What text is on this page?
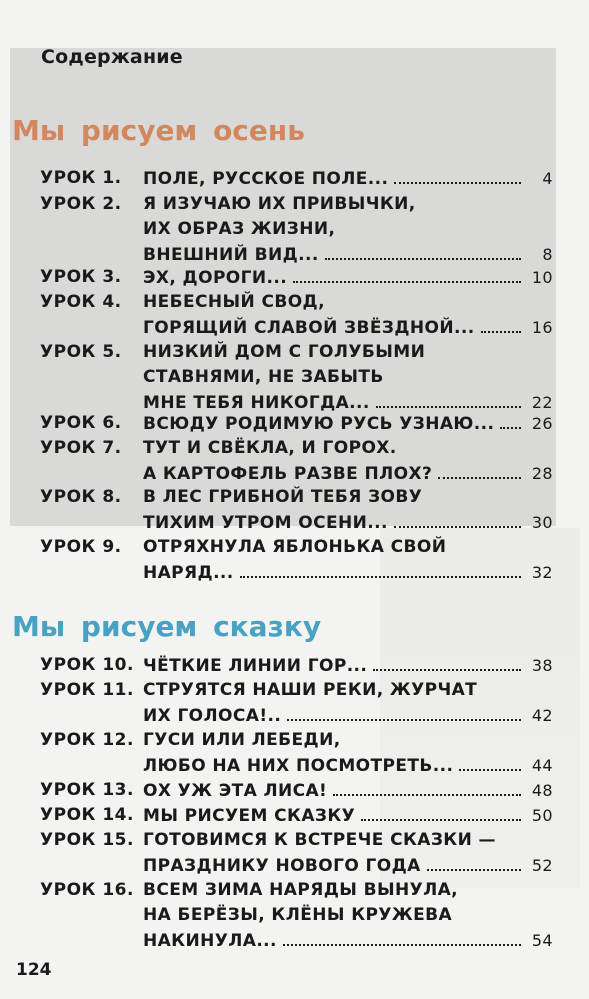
Содержание
Мы рисуем осень
УРОК 1. ПОЛЕ, РУССКОЕ ПОЛЕ...	4
УРОК 2. Я ИЗУЧАЮ ИХ ПРИВЫЧКИ,
ИХ ОБРАЗ ЖИЗНИ,
ВНЕШНИЙ ВИД...	8
УРОК 3. ЭХ, ДОРОГИ...	10
УРОК 4. НЕБЕСНЫЙ СВОД,
ГОРЯЩИЙ СЛАВОЙ ЗВЁЗДНОЙ...	16
УРОК 5. НИЗКИЙ ДОМ С ГОЛУБЫМИ
СТАВНЯМИ, НЕ ЗАБЫТЬ
МНЕ ТЕБЯ НИКОГДА...	22
УРОК 6. ВСЮДУ РОДИМУЮ РУСЬ УЗНАЮ...	26
УРОК 7. ТУТ И СВЁКЛА, И ГОРОХ.
А КАРТОФЕЛЬ РАЗВЕ ПЛОХ?	28
УРОК 8. В ЛЕС ГРИБНОЙ ТЕБЯ ЗОВУ
ТИХИМ УТРОМ ОСЕНИ...	30
УРОК 9. ОТРЯХНУЛА ЯБЛОНЬКА СВОЙ
НАРЯД...	32
Мы рисуем сказку
УРОК 10. ЧЁТКИЕ ЛИНИИ ГОР...	38
УРОК 11. СТРУЯТСЯ НАШИ РЕКИ, ЖУРЧАТ
ИХ ГОЛОСА!..	42
УРОК 12. ГУСИ ИЛИ ЛЕБЕДИ,
ЛЮБО НА НИХ ПОСМОТРЕТЬ...	44
УРОК 13. ОХ УЖ ЭТА ЛИСА!	48
УРОК 14. МЫ РИСУЕМ СКАЗКУ	50
УРОК 15. ГОТОВИМСЯ К ВСТРЕЧЕ СКАЗКИ —
ПРАЗДНИКУ НОВОГО ГОДА	52
УРОК 16. ВСЕМ ЗИМА НАРЯДЫ ВЫНУЛА,
НА БЕРЁЗЫ, КЛЁНЫ КРУЖЕВА
НАКИНУЛА...	54
124
